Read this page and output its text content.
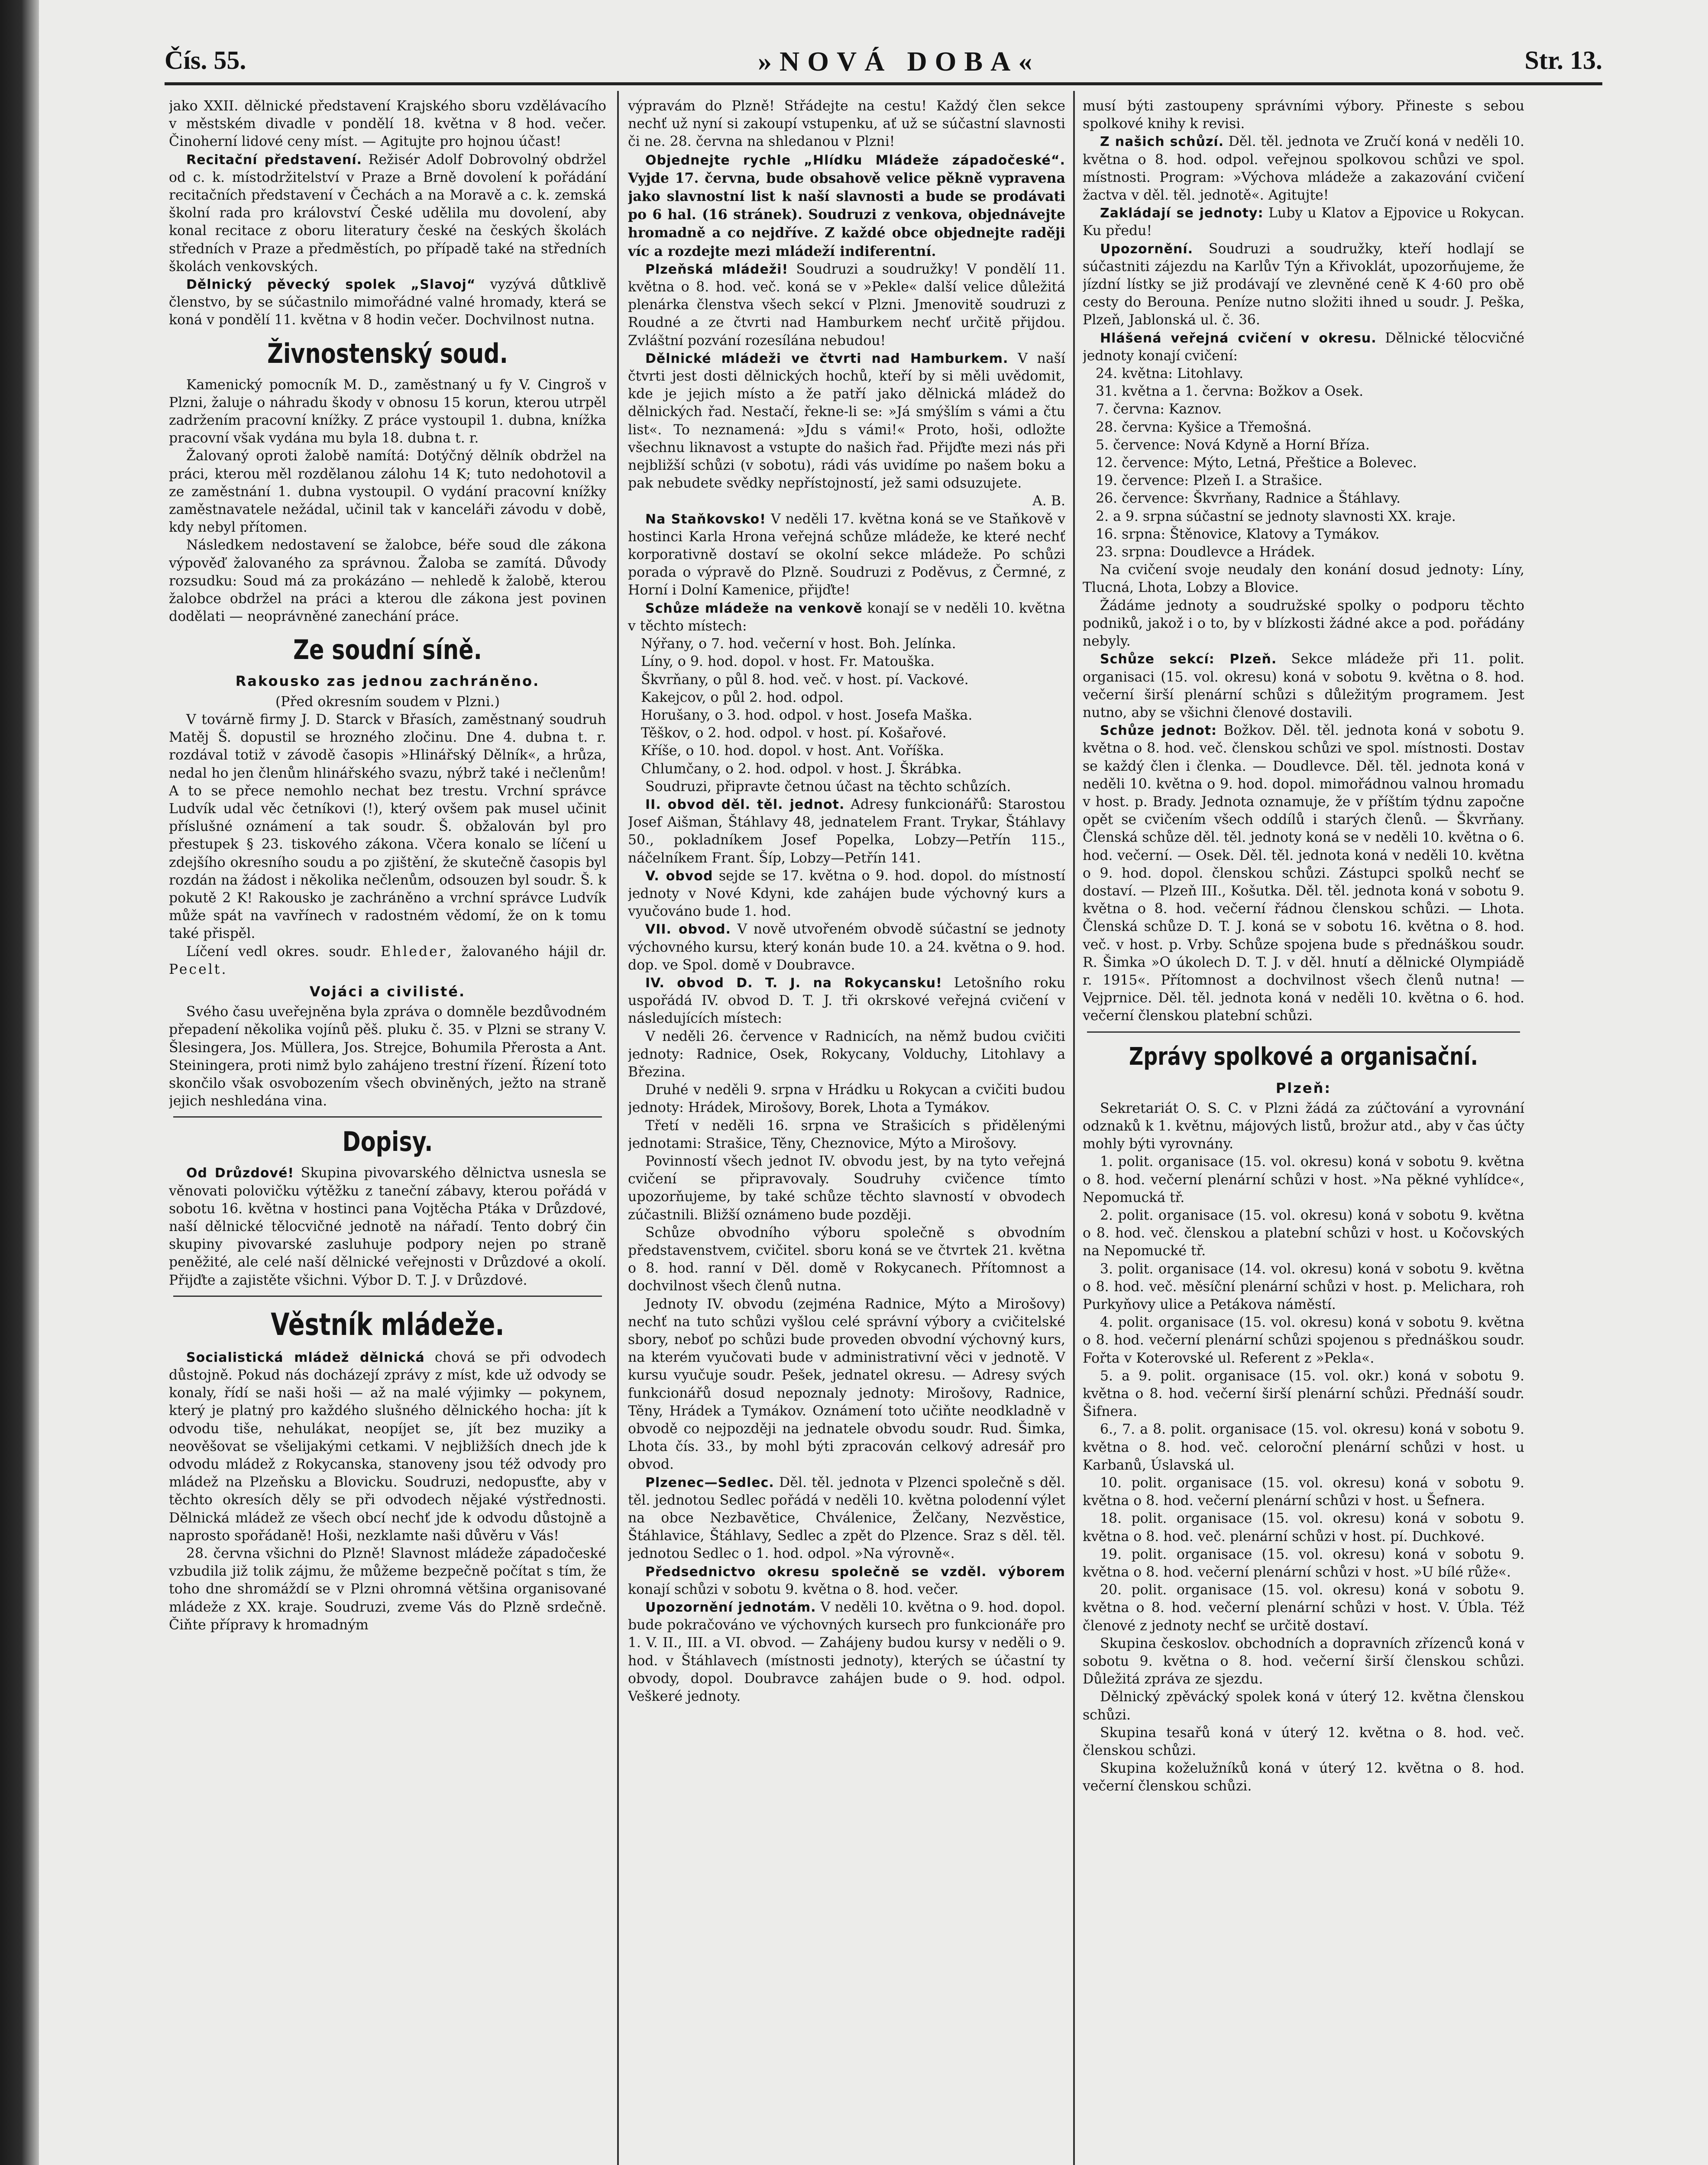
Čís. 55.	»NOVÁ DOBA«	Str. 13.

jako XXII. dělnické představení Krajského sboru vzdělávacího v městském divadle v pondělí 18. května v 8 hod. večer. Činoherní lidové ceny míst. — Agitujte pro hojnou účast!

Recitační představení. Režisér Adolf Dobrovolný obdržel od c. k. místodržitelství v Praze a Brně dovolení k pořádání recitačních představení v Čechách a na Moravě a c. k. zemská školní rada pro království České udělila mu dovolení, aby konal recitace z oboru literatury české na českých školách středních v Praze a předměstích, po případě také na středních školách venkovských.

Dělnický pěvecký spolek „Slavoj“ vyzývá důtklivě členstvo, by se súčastnilo mimořádné valné hromady, která se koná v pondělí 11. května v 8 hodin večer. Dochvilnost nutna.

Živnostenský soud.

Kamenický pomocník M. D., zaměstnaný u fy V. Cingroš v Plzni, žaluje o náhradu škody v obnosu 15 korun, kterou utrpěl zadržením pracovní knížky. Z práce vystoupil 1. dubna, knížka pracovní však vydána mu byla 18. dubna t. r.

Žalovaný oproti žalobě namítá: Dotýčný dělník obdržel na práci, kterou měl rozdělanou zálohu 14 K; tuto nedohotovil a ze zaměstnání 1. dubna vystoupil. O vydání pracovní knížky zaměstnavatele nežádal, učinil tak v kanceláři závodu v době, kdy nebyl přítomen.

Následkem nedostavení se žalobce, béře soud dle zákona výpověď žalovaného za správnou. Žaloba se zamítá. Důvody rozsudku: Soud má za prokázáno — nehledě k žalobě, kterou žalobce obdržel na práci a kterou dle zákona jest povinen dodělati — neoprávněné zanechání práce.

Ze soudní síně.
Rakousko zas jednou zachráněno.

(Před okresním soudem v Plzni.)

V továrně firmy J. D. Starck v Břasích, zaměstnaný soudruh Matěj Š. dopustil se hrozného zločinu. Dne 4. dubna t. r. rozdával totiž v závodě časopis »Hlinářský Dělník«, a hrůza, nedal ho jen členům hlinářského svazu, nýbrž také i nečlenům! A to se přece nemohlo nechat bez trestu. Vrchní správce Ludvík udal věc četníkovi (!), který ovšem pak musel učinit příslušné oznámení a tak soudr. Š. obžalován byl pro přestupek § 23. tiskového zákona. Včera konalo se líčení u zdejšího okresního soudu a po zjištění, že skutečně časopis byl rozdán na žádost i několika nečlenům, odsouzen byl soudr. Š. k pokutě 2 K! Rakousko je zachráněno a vrchní správce Ludvík může spát na vavřínech v radostném vědomí, že on k tomu také přispěl.

Líčení vedl okres. soudr. Ehleder, žalovaného hájil dr. Pecelt.

Vojáci a civilisté.

Svého času uveřejněna byla zpráva o domněle bezdůvodném přepadení několika vojínů pěš. pluku č. 35. v Plzni se strany V. Šlesingera, Jos. Müllera, Jos. Strejce, Bohumila Přerosta a Ant. Steiningera, proti nimž bylo zahájeno trestní řízení. Řízení toto skončilo však osvobozením všech obviněných, ježto na straně jejich neshledána vina.

Dopisy.

Od Drůzdové! Skupina pivovarského dělnictva usnesla se věnovati polovičku výtěžku z taneční zábavy, kterou pořádá v sobotu 16. května v hostinci pana Vojtěcha Ptáka v Drůzdové, naší dělnické tělocvičné jednotě na nářadí. Tento dobrý čin skupiny pivovarské zasluhuje podpory nejen po straně peněžité, ale celé naší dělnické veřejnosti v Drůzdové a okolí. Přijďte a zajistěte všichni. Výbor D. T. J. v Drůzdové.

Věstník mládeže.

Socialistická mládež dělnická chová se při odvodech důstojně. Pokud nás docházejí zprávy z míst, kde už odvody se konaly, řídí se naši hoši — až na malé výjimky — pokynem, který je platný pro každého slušného dělnického hocha: jít k odvodu tiše, nehulákat, neopíjet se, jít bez muziky a neověšovat se všelijakými cetkami. V nejbližších dnech jde k odvodu mládež z Rokycanska, stanoveny jsou též odvody pro mládež na Plzeňsku a Blovicku. Soudruzi, nedopusťte, aby v těchto okresích děly se při odvodech nějaké výstřednosti. Dělnická mládež ze všech obcí nechť jde k odvodu důstojně a naprosto spořádaně! Hoši, nezklamte naši důvěru v Vás!

28. června všichni do Plzně! Slavnost mládeže západočeské vzbudila již tolik zájmu, že můžeme bezpečně počítat s tím, že toho dne shromáždí se v Plzni ohromná většina organisované mládeže z XX. kraje. Soudruzi, zveme Vás do Plzně srdečně. Čiňte přípravy k hromadným

výpravám do Plzně! Střádejte na cestu! Každý člen sekce nechť už nyní si zakoupí vstupenku, ať už se súčastní slavnosti či ne. 28. června na shledanou v Plzni!

Objednejte rychle „Hlídku Mládeže západočeské“. Vyjde 17. června, bude obsahově velice pěkně vypravena jako slavnostní list k naší slavnosti a bude se prodávati po 6 hal. (16 stránek). Soudruzi z venkova, objednávejte hromadně a co nejdříve. Z každé obce objednejte raději víc a rozdejte mezi mládeží indiferentní.

Plzeňská mládeži! Soudruzi a soudružky! V pondělí 11. května o 8. hod. več. koná se v »Pekle« další velice důležitá plenárka členstva všech sekcí v Plzni. Jmenovitě soudruzi z Roudné a ze čtvrti nad Hamburkem nechť určitě přijdou. Zvláštní pozvání rozesílána nebudou!

Dělnické mládeži ve čtvrti nad Hamburkem. V naší čtvrti jest dosti dělnických hochů, kteří by si měli uvědomit, kde je jejich místo a že patří jako dělnická mládež do dělnických řad. Nestačí, řekne-li se: »Já smýšlím s vámi a čtu list«. To neznamená: »Jdu s vámi!« Proto, hoši, odložte všechnu liknavost a vstupte do našich řad. Přijďte mezi nás při nejbližší schůzi (v sobotu), rádi vás uvidíme po našem boku a pak nebudete svědky nepřístojností, jež sami odsuzujete.

A. B.

Na Staňkovsko! V neděli 17. května koná se ve Staňkově v hostinci Karla Hrona veřejná schůze mládeže, ke které nechť korporativně dostaví se okolní sekce mládeže. Po schůzi porada o výpravě do Plzně. Soudruzi z Poděvus, z Čermné, z Horní i Dolní Kamenice, přijďte!

Schůze mládeže na venkově konají se v neděli 10. května v těchto místech:

Nýřany, o 7. hod. večerní v host. Boh. Jelínka.

Líny, o 9. hod. dopol. v host. Fr. Matouška.

Škvrňany, o půl 8. hod. več. v host. pí. Vackové.

Kakejcov, o půl 2. hod. odpol.

Horušany, o 3. hod. odpol. v host. Josefa Maška.

Těškov, o 2. hod. odpol. v host. pí. Košařové.

Kříše, o 10. hod. dopol. v host. Ant. Voříška.

Chlumčany, o 2. hod. odpol. v host. J. Škrábka.

Soudruzi, připravte četnou účast na těchto schůzích.

II. obvod děl. těl. jednot. Adresy funkcionářů: Starostou Josef Aišman, Štáhlavy 48, jednatelem Frant. Trykar, Štáhlavy 50., pokladníkem Josef Popelka, Lobzy—Petřín 115., náčelníkem Frant. Šíp, Lobzy—Petřín 141.

V. obvod sejde se 17. května o 9. hod. dopol. do místností jednoty v Nové Kdyni, kde zahájen bude výchovný kurs a vyučováno bude 1. hod.

VII. obvod. V nově utvořeném obvodě súčastní se jednoty výchovného kursu, který konán bude 10. a 24. května o 9. hod. dop. ve Spol. domě v Doubravce.

IV. obvod D. T. J. na Rokycansku! Letošního roku uspořádá IV. obvod D. T. J. tři okrskové veřejná cvičení v následujících místech:

V neděli 26. července v Radnicích, na němž budou cvičiti jednoty: Radnice, Osek, Rokycany, Volduchy, Litohlavy a Březina.

Druhé v neděli 9. srpna v Hrádku u Rokycan a cvičiti budou jednoty: Hrádek, Mirošovy, Borek, Lhota a Tymákov.

Třetí v neděli 16. srpna ve Strašicích s přidělenými jednotami: Strašice, Těny, Cheznovice, Mýto a Mirošovy.

Povinností všech jednot IV. obvodu jest, by na tyto veřejná cvičení se připravovaly. Soudruhy cvičence tímto upozorňujeme, by také schůze těchto slavností v obvodech zúčastnili. Bližší oznámeno bude později.

Schůze obvodního výboru společně s obvodním představenstvem, cvičitel. sboru koná se ve čtvrtek 21. května o 8. hod. ranní v Děl. domě v Rokycanech. Přítomnost a dochvilnost všech členů nutna.

Jednoty IV. obvodu (zejména Radnice, Mýto a Mirošovy) nechť na tuto schůzi vyšlou celé správní výbory a cvičitelské sbory, neboť po schůzi bude proveden obvodní výchovný kurs, na kterém vyučovati bude v administrativní věci v jednotě. V kursu vyučuje soudr. Pešek, jednatel okresu. — Adresy svých funkcionářů dosud nepoznaly jednoty: Mirošovy, Radnice, Těny, Hrádek a Tymákov. Oznámení toto učiňte neodkladně v obvodě co nejpozději na jednatele obvodu soudr. Rud. Šimka, Lhota čís. 33., by mohl býti zpracován celkový adresář pro obvod.

Plzenec—Sedlec. Děl. těl. jednota v Plzenci společně s děl. těl. jednotou Sedlec pořádá v neděli 10. května polodenní výlet na obce Nezbavětice, Chválenice, Želčany, Nezvěstice, Štáhlavice, Štáhlavy, Sedlec a zpět do Plzence. Sraz s děl. těl. jednotou Sedlec o 1. hod. odpol. »Na výrovně«.

Předsednictvo okresu společně se vzděl. výborem konají schůzi v sobotu 9. května o 8. hod. večer.

Upozornění jednotám. V neděli 10. května o 9. hod. dopol. bude pokračováno ve výchovných kursech pro funkcionáře pro 1. V. II., III. a VI. obvod. — Zahájeny budou kursy v neděli o 9. hod. v Štáhlavech (místnosti jednoty), kterých se účastní ty obvody, dopol. Doubravce zahájen bude o 9. hod. odpol. Veškeré jednoty.

musí býti zastoupeny správními výbory. Přineste s sebou spolkové knihy k revisi.

Z našich schůzí. Děl. těl. jednota ve Zručí koná v neděli 10. května o 8. hod. odpol. veřejnou spolkovou schůzi ve spol. místnosti. Program: »Výchova mládeže a zakazování cvičení žactva v děl. těl. jednotě«. Agitujte!

Zakládají se jednoty: Luby u Klatov a Ejpovice u Rokycan. Ku předu!

Upozornění. Soudruzi a soudružky, kteří hodlají se súčastniti zájezdu na Karlův Týn a Křivoklát, upozorňujeme, že jízdní lístky se již prodávají ve zlevněné ceně K 4·60 pro obě cesty do Berouna. Peníze nutno složiti ihned u soudr. J. Peška, Plzeň, Jablonská ul. č. 36.

Hlášená veřejná cvičení v okresu. Dělnické tělocvičné jednoty konají cvičení:

24. května: Litohlavy.

31. května a 1. června: Božkov a Osek.

7. června: Kaznov.

28. června: Kyšice a Třemošná.

5. července: Nová Kdyně a Horní Bříza.

12. července: Mýto, Letná, Přeštice a Bolevec.

19. července: Plzeň I. a Strašice.

26. července: Škvrňany, Radnice a Štáhlavy.

2. a 9. srpna súčastní se jednoty slavnosti XX. kraje.

16. srpna: Štěnovice, Klatovy a Tymákov.

23. srpna: Doudlevce a Hrádek.

Na cvičení svoje neudaly den konání dosud jednoty: Líny, Tlucná, Lhota, Lobzy a Blovice.

Žádáme jednoty a soudružské spolky o podporu těchto podniků, jakož i o to, by v blízkosti žádné akce a pod. pořádány nebyly.

Schůze sekcí: Plzeň. Sekce mládeže při 11. polit. organisaci (15. vol. okresu) koná v sobotu 9. května o 8. hod. večerní širší plenární schůzi s důležitým programem. Jest nutno, aby se všichni členové dostavili.

Schůze jednot: Božkov. Děl. těl. jednota koná v sobotu 9. května o 8. hod. več. členskou schůzi ve spol. místnosti. Dostav se každý člen i členka. — Doudlevce. Děl. těl. jednota koná v neděli 10. května o 9. hod. dopol. mimořádnou valnou hromadu v host. p. Brady. Jednota oznamuje, že v příštím týdnu započne opět se cvičením všech oddílů i starých členů. — Škvrňany. Členská schůze děl. těl. jednoty koná se v neděli 10. května o 6. hod. večerní. — Osek. Děl. těl. jednota koná v neděli 10. května o 9. hod. dopol. členskou schůzi. Zástupci spolků nechť se dostaví. — Plzeň III., Košutka. Děl. těl. jednota koná v sobotu 9. května o 8. hod. večerní řádnou členskou schůzi. — Lhota. Členská schůze D. T. J. koná se v sobotu 16. května o 8. hod. več. v host. p. Vrby. Schůze spojena bude s přednáškou soudr. R. Šimka »O úkolech D. T. J. v děl. hnutí a dělnické Olympiádě r. 1915«. Přítomnost a dochvilnost všech členů nutna! — Vejprnice. Děl. těl. jednota koná v neděli 10. května o 6. hod. večerní členskou platební schůzi.

Zprávy spolkové a organisační.
Plzeň:

Sekretariát O. S. C. v Plzni žádá za zúčtování a vyrovnání odznaků k 1. květnu, májových listů, brožur atd., aby v čas účty mohly býti vyrovnány.

1. polit. organisace (15. vol. okresu) koná v sobotu 9. května o 8. hod. večerní plenární schůzi v host. »Na pěkné vyhlídce«, Nepomucká tř.

2. polit. organisace (15. vol. okresu) koná v sobotu 9. května o 8. hod. več. členskou a platební schůzi v host. u Kočovských na Nepomucké tř.

3. polit. organisace (14. vol. okresu) koná v sobotu 9. května o 8. hod. več. měsíční plenární schůzi v host. p. Melichara, roh Purkyňovy ulice a Petákova náměstí.

4. polit. organisace (15. vol. okresu) koná v sobotu 9. května o 8. hod. večerní plenární schůzi spojenou s přednáškou soudr. Fořta v Koterovské ul. Referent z »Pekla«.

5. a 9. polit. organisace (15. vol. okr.) koná v sobotu 9. května o 8. hod. večerní širší plenární schůzi. Přednáší soudr. Šifnera.

6., 7. a 8. polit. organisace (15. vol. okresu) koná v sobotu 9. května o 8. hod. več. celoroční plenární schůzi v host. u Karbanů, Úslavská ul.

10. polit. organisace (15. vol. okresu) koná v sobotu 9. května o 8. hod. večerní plenární schůzi v host. u Šefnera.

18. polit. organisace (15. vol. okresu) koná v sobotu 9. května o 8. hod. več. plenární schůzi v host. pí. Duchkové.

19. polit. organisace (15. vol. okresu) koná v sobotu 9. května o 8. hod. večerní plenární schůzi v host. »U bílé růže«.

20. polit. organisace (15. vol. okresu) koná v sobotu 9. května o 8. hod. večerní plenární schůzi v host. V. Úbla. Též členové z jednoty nechť se určitě dostaví.

Skupina českoslov. obchodních a dopravních zřízenců koná v sobotu 9. května o 8. hod. večerní širší členskou schůzi. Důležitá zpráva ze sjezdu.

Dělnický zpěvácký spolek koná v úterý 12. května členskou schůzi.

Skupina tesařů koná v úterý 12. května o 8. hod. več. členskou schůzi.

Skupina koželužníků koná v úterý 12. května o 8. hod. večerní členskou schůzi.
